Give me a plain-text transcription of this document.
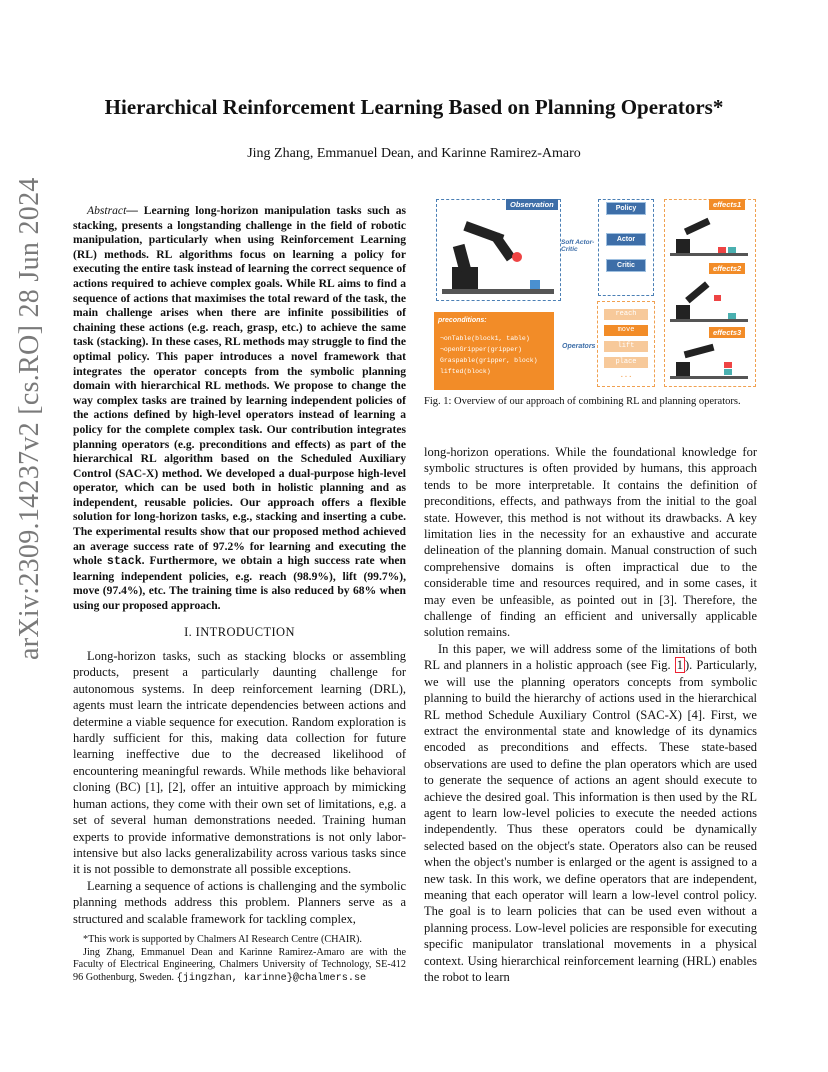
arXiv:2309.14237v2 [cs.RO] 28 Jun 2024
Hierarchical Reinforcement Learning Based on Planning Operators*
Jing Zhang, Emmanuel Dean, and Karinne Ramirez-Amaro

Abstract— Learning long-horizon manipulation tasks such as stacking, presents a longstanding challenge in the field of robotic manipulation, particularly when using Reinforcement Learning (RL) methods. RL algorithms focus on learning a policy for executing the entire task instead of learning the correct sequence of actions required to achieve complex goals. While RL aims to find a sequence of actions that maximises the total reward of the task, the main challenge arises when there are infinite possibilities of chaining these actions (e.g. reach, grasp, etc.) to achieve the same task (stacking). In these cases, RL methods may struggle to find the optimal policy. This paper introduces a novel framework that integrates the operator concepts from the symbolic planning domain with hierarchical RL methods. We propose to change the way complex tasks are trained by learning independent policies of the actions defined by high-level operators instead of learning a policy for the complete complex task. Our contribution integrates planning operators (e.g. preconditions and effects) as part of the hierarchical RL algorithm based on the Scheduled Auxiliary Control (SAC-X) method. We developed a dual-purpose high-level operator, which can be used both in holistic planning and as independent, reusable policies. Our approach offers a flexible solution for long-horizon tasks, e.g., stacking and inserting a cube. The experimental results show that our proposed method achieved an average success rate of 97.2% for learning and executing the whole stack. Furthermore, we obtain a high success rate when learning independent policies, e.g. reach (98.9%), lift (99.7%), move (97.4%), etc. The training time is also reduced by 68% when using our proposed approach.

I. INTRODUCTION

Long-horizon tasks, such as stacking blocks or assembling products, present a particularly daunting challenge for autonomous systems. In deep reinforcement learning (DRL), agents must learn the intricate dependencies between actions and determine a viable sequence for execution. Random exploration is hardly sufficient for this, making data collection for future learning ineffective due to the decreased likelihood of encountering meaningful rewards. While methods like behavioral cloning (BC) [1], [2], offer an intuitive approach by mimicking human actions, they come with their own set of limitations, e,g. a set of several human demonstrations needed. Training human experts to provide informative demonstrations is not only labor-intensive but also lacks generalizability across various tasks since it is not possible to demonstrate all possible exceptions.

Learning a sequence of actions is challenging and the symbolic planning methods address this problem. Planners serve as a structured and scalable framework for tackling complex,

*This work is supported by Chalmers AI Research Centre (CHAIR).

Jing Zhang, Emmanuel Dean and Karinne Ramirez-Amaro are with the Faculty of Electrical Engineering, Chalmers University of Technology, SE-412 96 Gothenburg, Sweden. {jingzhan, karinne}@chalmers.se

Observation	Policy
Actor
Critic
Soft Actor-Critic
effects1
effects2
effects3
preconditions:
¬onTable(block1, table)
¬openGripper(gripper)
Graspable(gripper, block)
lifted(block)
Operators
reach
move
lift
place
...
Fig. 1: Overview of our approach of combining RL and planning operators.

long-horizon operations. While the foundational knowledge for symbolic structures is often provided by humans, this approach tends to be more interpretable. It contains the definition of preconditions, effects, and pathways from the initial to the goal state. However, this method is not without its drawbacks. A key limitation lies in the necessity for an exhaustive and accurate delineation of the planning domain. Manual construction of such comprehensive domains is often impractical due to the considerable time and resources required, and in some cases, it may even be unfeasible, as pointed out in [3]. Therefore, the challenge of finding an efficient and universally applicable solution remains.

In this paper, we will address some of the limitations of both RL and planners in a holistic approach (see Fig. 1 ). Particularly, we will use the planning operators concepts from symbolic planning to build the hierarchy of actions used in the hierarchical RL method Schedule Auxiliary Control (SAC-X) [4]. First, we extract the environmental state and knowledge of its dynamics encoded as preconditions and effects. These state-based observations are used to define the plan operators which are used to generate the sequence of actions an agent should execute to achieve the desired goal. This information is then used by the RL agent to learn low-level policies to execute the needed actions independently. Thus these operators could be dynamically selected based on the object's state. Operators also can be reused when the object's number is enlarged or the agent is assigned to a new task. In this work, we define operators that are independent, meaning that each operator will learn a low-level control policy. The goal is to learn policies that can be used even without a planning process. Low-level policies are responsible for executing specific manipulator translational movements in a physical context. Using hierarchical reinforcement learning (HRL) enables the robot to learn
